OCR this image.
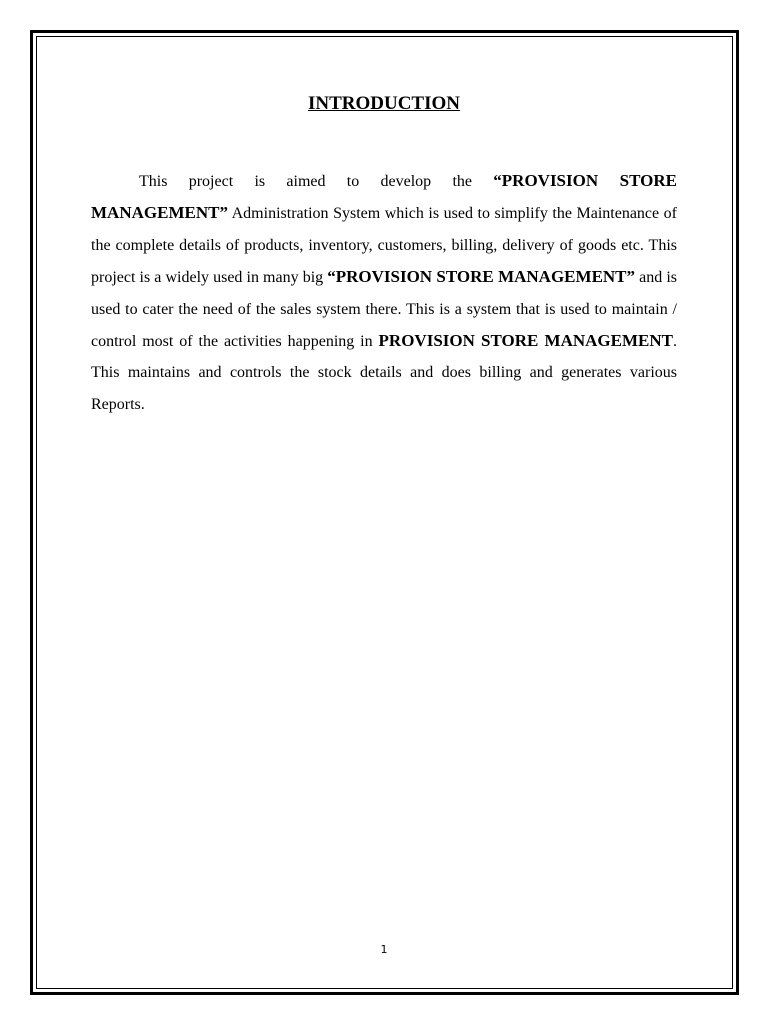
INTRODUCTION
This project is aimed to develop the “PROVISION STORE MANAGEMENT” Administration System which is used to simplify the Maintenance of the complete details of products, inventory, customers, billing, delivery of goods etc. This project is a widely used in many big “PROVISION STORE MANAGEMENT” and is used to cater the need of the sales system there. This is a system that is used to maintain / control most of the activities happening in PROVISION STORE MANAGEMENT. This maintains and controls the stock details and does billing and generates various Reports.
1
